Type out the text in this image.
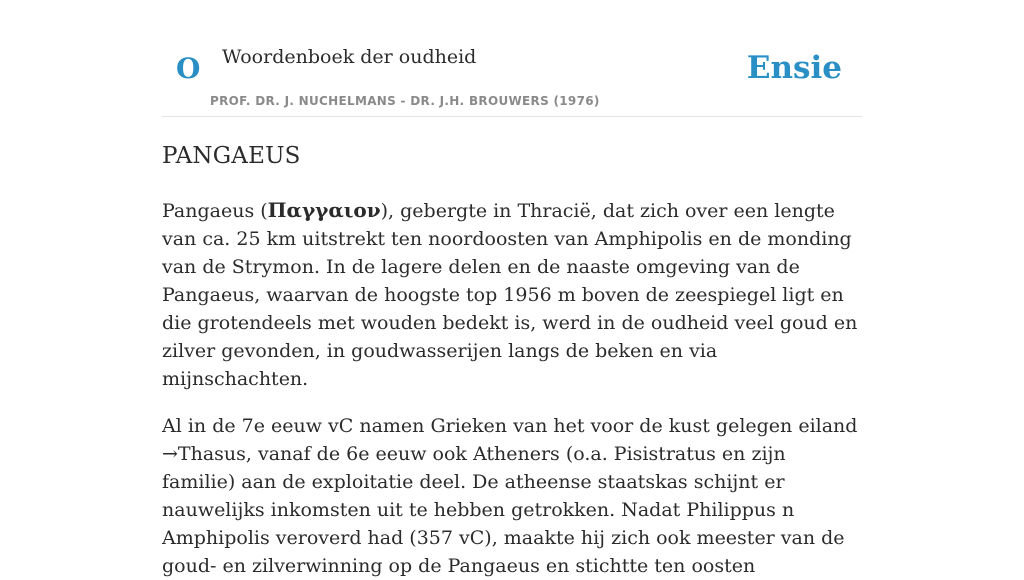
O Woordenboek der oudheid
PROF. DR. J. NUCHELMANS - DR. J.H. BROUWERS (1976)
Ensie
PANGAEUS

Pangaeus (Παγγαιον), gebergte in Thracië, dat zich over een lengte van ca. 25 km uitstrekt ten noordoosten van Amphipolis en de monding van de Strymon. In de lagere delen en de naaste omgeving van de Pangaeus, waarvan de hoogste top 1956 m boven de zeespiegel ligt en die grotendeels met wouden bedekt is, werd in de oudheid veel goud en zilver gevonden, in goudwasserijen langs de beken en via mijnschachten.

Al in de 7e eeuw vC namen Grieken van het voor de kust gelegen eiland →Thasus, vanaf de 6e eeuw ook Atheners (o.a. Pisistratus en zijn familie) aan de exploitatie deel. De atheense staatskas schijnt er nauwelijks inkomsten uit te hebben getrokken. Nadat Philippus n Amphipolis veroverd had (357 vC), maakte hij zich ook meester van de goud- en zilverwinning op de Pangaeus en stichtte ten oosten
